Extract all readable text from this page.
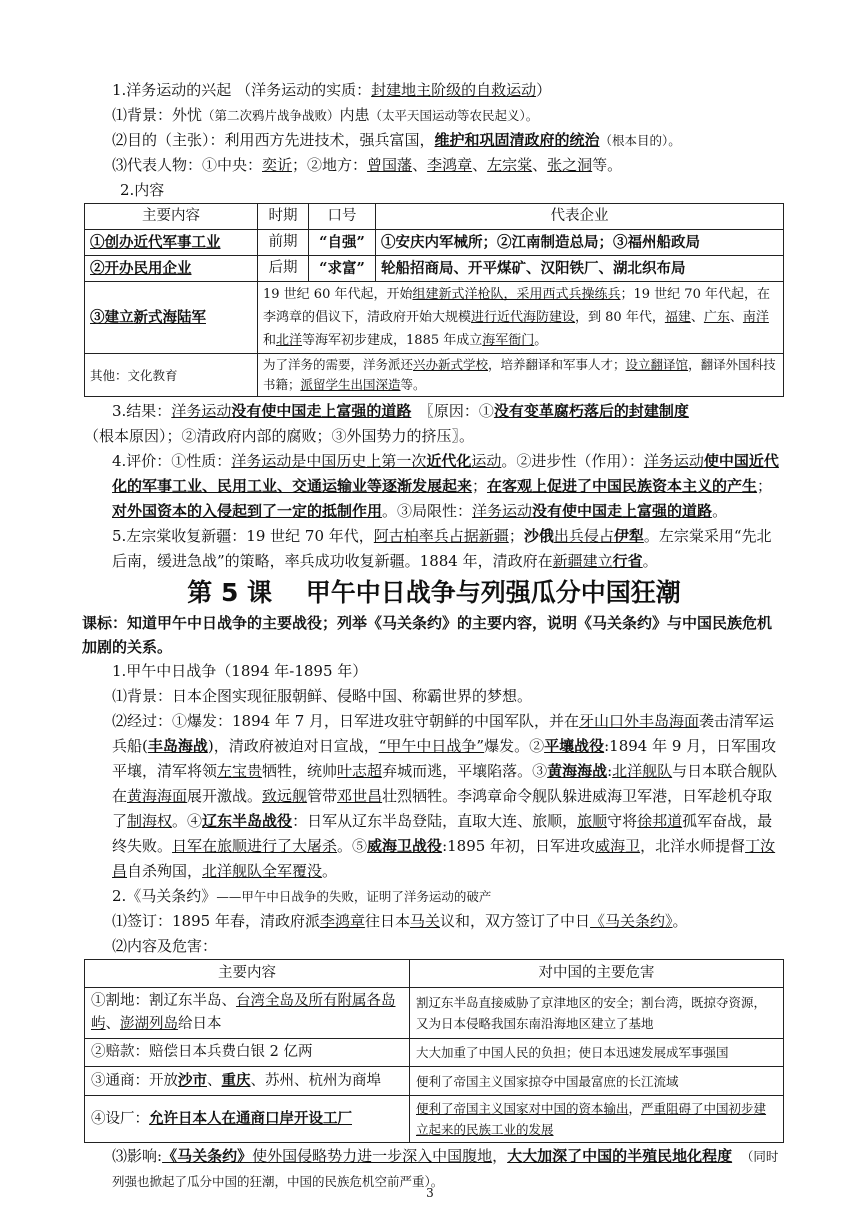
1.洋务运动的兴起 （洋务运动的实质：封建地主阶级的自救运动）

⑴背景：外忧（第二次鸦片战争战败）内患（太平天国运动等农民起义）。

⑵目的（主张）：利用西方先进技术，强兵富国，维护和巩固清政府的统治（根本目的）。

⑶代表人物：①中央：奕䜣；②地方：曾国藩、李鸿章、左宗棠、张之洞等。

2.内容

主要内容	时期	口号	代表企业
①创办近代军事工业	前期	“自强”	①安庆内军械所；②江南制造总局；③福州船政局
②开办民用企业	后期	“求富”	轮船招商局、开平煤矿、汉阳铁厂、湖北织布局
③建立新式海陆军	19 世纪 60 年代起，开始组建新式洋枪队，采用西式兵操练兵；19 世纪 70 年代起，在李鸿章的倡议下，清政府开始大规模进行近代海防建设，到 80 年代，福建、广东、南洋和北洋等海军初步建成，1885 年成立海军衙门。		
其他：文化教育	为了洋务的需要，洋务派还兴办新式学校，培养翻译和军事人才；设立翻译馆，翻译外国科技书籍；派留学生出国深造等。		

3.结果：洋务运动没有使中国走上富强的道路　 〖原因：①没有变革腐朽落后的封建制度

（根本原因）；②清政府内部的腐败；③外国势力的挤压〗。

4.评价：①性质：洋务运动是中国历史上第一次近代化运动。②进步性（作用）：洋务运动使中国近代化的军事工业、民用工业、交通运输业等逐渐发展起来；在客观上促进了中国民族资本主义的产生；对外国资本的入侵起到了一定的抵制作用。③局限性：洋务运动没有使中国走上富强的道路。

5.左宗棠收复新疆：19 世纪 70 年代，阿古柏率兵占据新疆；沙俄出兵侵占伊犁。左宗棠采用“先北后南，缓进急战”的策略，率兵成功收复新疆。1884 年，清政府在新疆建立行省。

第 5 课　 甲午中日战争与列强瓜分中国狂潮

课标：知道甲午中日战争的主要战役；列举《马关条约》的主要内容，说明《马关条约》与中国民族危机加剧的关系。

1.甲午中日战争（1894 年-1895 年）

⑴背景：日本企图实现征服朝鲜、侵略中国、称霸世界的梦想。

⑵经过：①爆发：1894 年 7 月，日军进攻驻守朝鲜的中国军队，并在牙山口外丰岛海面袭击清军运兵船(丰岛海战)，清政府被迫对日宣战，“甲午中日战争”爆发。②平壤战役:1894 年 9 月，日军围攻平壤，清军将领左宝贵牺牲，统帅叶志超弃城而逃，平壤陷落。③黄海海战:北洋舰队与日本联合舰队在黄海海面展开激战。致远舰管带邓世昌壮烈牺牲。李鸿章命令舰队躲进威海卫军港，日军趁机夺取了制海权。④辽东半岛战役：日军从辽东半岛登陆，直取大连、旅顺，旅顺守将徐邦道孤军奋战，最终失败。日军在旅顺进行了大屠杀。⑤威海卫战役:1895 年初，日军进攻威海卫，北洋水师提督丁汝昌自杀殉国，北洋舰队全军覆没。

2.《马关条约》——甲午中日战争的失败，证明了洋务运动的破产

⑴签订：1895 年春，清政府派李鸿章往日本马关议和，双方签订了中日《马关条约》。

⑵内容及危害：

主要内容	对中国的主要危害
①割地：割辽东半岛、台湾全岛及所有附属各岛屿、澎湖列岛给日本	割辽东半岛直接威胁了京津地区的安全；割台湾，既掠夺资源，又为日本侵略我国东南沿海地区建立了基地
②赔款：赔偿日本兵费白银 2 亿两	大大加重了中国人民的负担；使日本迅速发展成军事强国
③通商：开放沙市、重庆、苏州、杭州为商埠	便利了帝国主义国家掠夺中国最富庶的长江流域
④设厂：允许日本人在通商口岸开设工厂	便利了帝国主义国家对中国的资本输出，严重阻碍了中国初步建立起来的民族工业的发展

⑶影响:《马关条约》使外国侵略势力进一步深入中国腹地，大大加深了中国的半殖民地化程度　 （同时列强也掀起了瓜分中国的狂潮，中国的民族危机空前严重）。

3
